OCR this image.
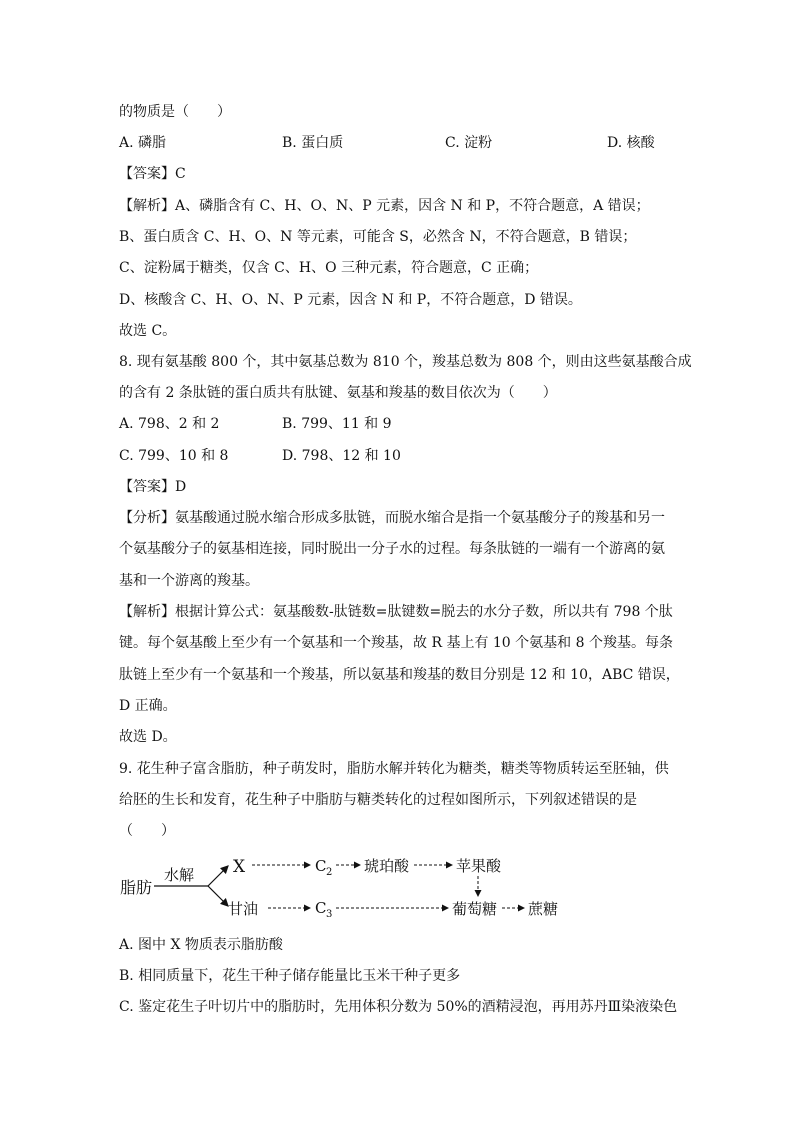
的物质是（　　）
A. 磷脂	B. 蛋白质	C. 淀粉	D. 核酸
【答案】C
【解析】A、磷脂含有 C、H、O、N、P 元素，因含 N 和 P，不符合题意，A 错误；
B、蛋白质含 C、H、O、N 等元素，可能含 S，必然含 N，不符合题意，B 错误；
C、淀粉属于糖类，仅含 C、H、O 三种元素，符合题意，C 正确；
D、核酸含 C、H、O、N、P 元素，因含 N 和 P，不符合题意，D 错误。
故选 C。
8. 现有氨基酸 800 个，其中氨基总数为 810 个，羧基总数为 808 个，则由这些氨基酸合成
的含有 2 条肽链的蛋白质共有肽键、氨基和羧基的数目依次为（　　）
A. 798、2 和 2	B. 799、11 和 9
C. 799、10 和 8	D. 798、12 和 10
【答案】D
【分析】氨基酸通过脱水缩合形成多肽链，而脱水缩合是指一个氨基酸分子的羧基和另一
个氨基酸分子的氨基相连接，同时脱出一分子水的过程。每条肽链的一端有一个游离的氨
基和一个游离的羧基。
【解析】根据计算公式：氨基酸数-肽链数=肽键数=脱去的水分子数，所以共有 798 个肽
键。每个氨基酸上至少有一个氨基和一个羧基，故 R 基上有 10 个氨基和 8 个羧基。每条
肽链上至少有一个氨基和一个羧基，所以氨基和羧基的数目分别是 12 和 10，ABC 错误，
D 正确。
故选 D。
9. 花生种子富含脂肪，种子萌发时，脂肪水解并转化为糖类，糖类等物质转运至胚轴，供
给胚的生长和发育，花生种子中脂肪与糖类转化的过程如图所示，下列叙述错误的是
（　　）
脂肪
水解 X	C 2 琥珀酸	苹果酸
甘油	C 3	葡萄糖 蔗糖
A. 图中 X 物质表示脂肪酸
B. 相同质量下，花生干种子储存能量比玉米干种子更多
C. 鉴定花生子叶切片中的脂肪时，先用体积分数为 50%的酒精浸泡，再用苏丹Ⅲ染液染色
